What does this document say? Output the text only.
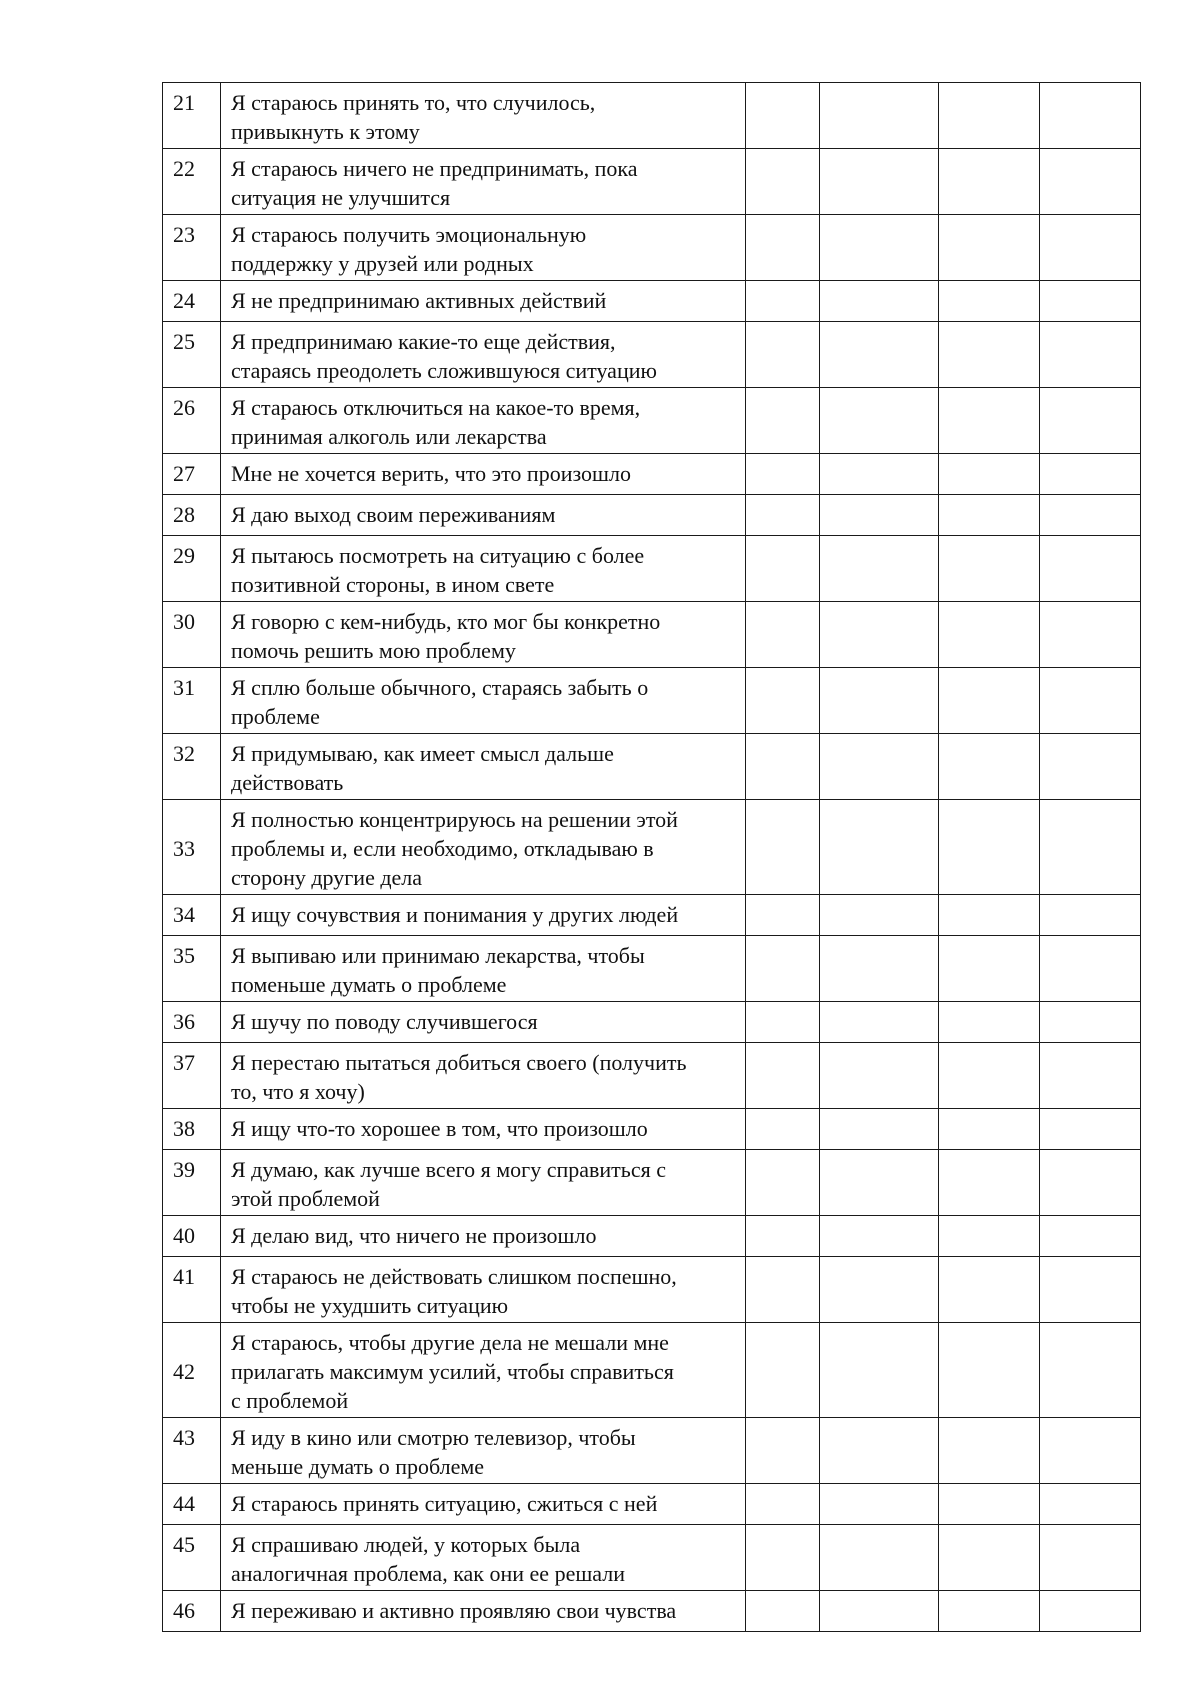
21	Я стараюсь принять то, что случилось,
привыкнуть к этому				

22	Я стараюсь ничего не предпринимать, пока
ситуация не улучшится				

23	Я стараюсь получить эмоциональную
поддержку у друзей или родных				

24	Я не предпринимаю активных действий				

25	Я предпринимаю какие-то еще действия,
стараясь преодолеть сложившуюся ситуацию				

26	Я стараюсь отключиться на какое-то время,
принимая алкоголь или лекарства				

27	Мне не хочется верить, что это произошло				

28	Я даю выход своим переживаниям				

29	Я пытаюсь посмотреть на ситуацию с более
позитивной стороны, в ином свете				

30	Я говорю с кем-нибудь, кто мог бы конкретно
помочь решить мою проблему				

31	Я сплю больше обычного, стараясь забыть о
проблеме				

32	Я придумываю, как имеет смысл дальше
действовать				

33	Я полностью концентрируюсь на решении этой
проблемы и, если необходимо, откладываю в
сторону другие дела				

34	Я ищу сочувствия и понимания у других людей				

35	Я выпиваю или принимаю лекарства, чтобы
поменьше думать о проблеме				

36	Я шучу по поводу случившегося				

37	Я перестаю пытаться добиться своего (получить
то, что я хочу)				

38	Я ищу что-то хорошее в том, что произошло				

39	Я думаю, как лучше всего я могу справиться с
этой проблемой				

40	Я делаю вид, что ничего не произошло				

41	Я стараюсь не действовать слишком поспешно,
чтобы не ухудшить ситуацию				

42	Я стараюсь, чтобы другие дела не мешали мне
прилагать максимум усилий, чтобы справиться
с проблемой				

43	Я иду в кино или смотрю телевизор, чтобы
меньше думать о проблеме				

44	Я стараюсь принять ситуацию, сжиться с ней				

45	Я спрашиваю людей, у которых была
аналогичная проблема, как они ее решали				

46	Я переживаю и активно проявляю свои чувства				
